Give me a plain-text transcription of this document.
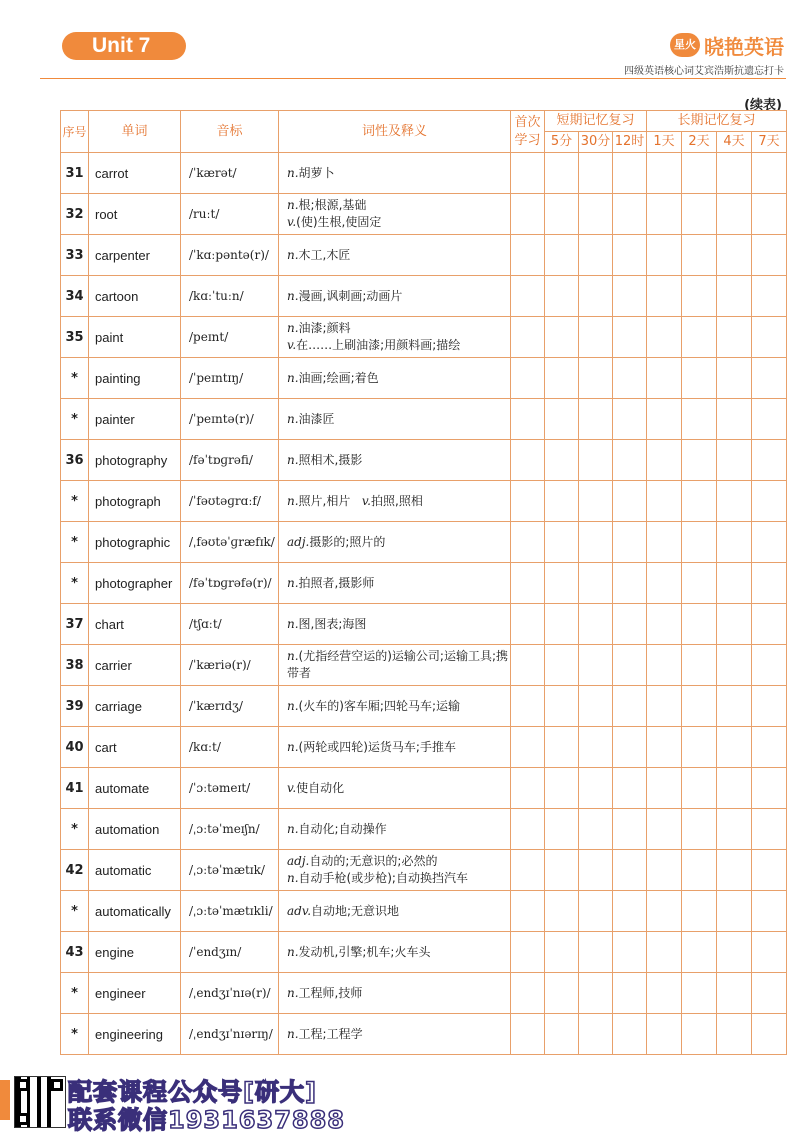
Unit 7	星火 晓艳英语
四级英语核心词艾宾浩斯抗遗忘打卡
(续表)
序号	单词	音标	词性及释义	首次学习	短期记忆复习			长期记忆复习			
					5分	30分	12时	1天	2天	4天	7天
31	carrot	/ˈkærət/	n.胡萝卜								

32	root	/ruːt/	n.根;根源,基础
v.(使)生根,使固定								

33	carpenter	/ˈkɑːpəntə(r)/	n.木工,木匠								

34	cartoon	/kɑːˈtuːn/	n.漫画,讽刺画;动画片								

35	paint	/peɪnt/	n.油漆;颜料
v.在……上刷油漆;用颜料画;描绘								

*	painting	/ˈpeɪntɪŋ/	n.油画;绘画;着色								

*	painter	/ˈpeɪntə(r)/	n.油漆匠								

36	photography	/fəˈtɒɡrəfi/	n.照相术,摄影								

*	photograph	/ˈfəʊtəɡrɑːf/	n.照片,相片 v.拍照,照相								

*	photographic	/ˌfəʊtəˈɡræfɪk/	adj.摄影的;照片的								

*	photographer	/fəˈtɒɡrəfə(r)/	n.拍照者,摄影师								

37	chart	/tʃɑːt/	n.图,图表;海图								

38	carrier	/ˈkæriə(r)/	n.(尤指经营空运的)运输公司;运输工具;携带者								

39	carriage	/ˈkærɪdʒ/	n.(火车的)客车厢;四轮马车;运输								

40	cart	/kɑːt/	n.(两轮或四轮)运货马车;手推车								

41	automate	/ˈɔːtəmeɪt/	v.使自动化								

*	automation	/ˌɔːtəˈmeɪʃn/	n.自动化;自动操作								

42	automatic	/ˌɔːtəˈmætɪk/	adj.自动的;无意识的;必然的
n.自动手枪(或步枪);自动换挡汽车								

*	automatically	/ˌɔːtəˈmætɪkli/	adv.自动地;无意识地								

43	engine	/ˈendʒɪn/	n.发动机,引擎;机车;火车头								

*	engineer	/ˌendʒɪˈnɪə(r)/	n.工程师,技师								

*	engineering	/ˌendʒɪˈnɪərɪŋ/	n.工程;工程学								

配套课程公众号[研大]
联系微信1931637888
